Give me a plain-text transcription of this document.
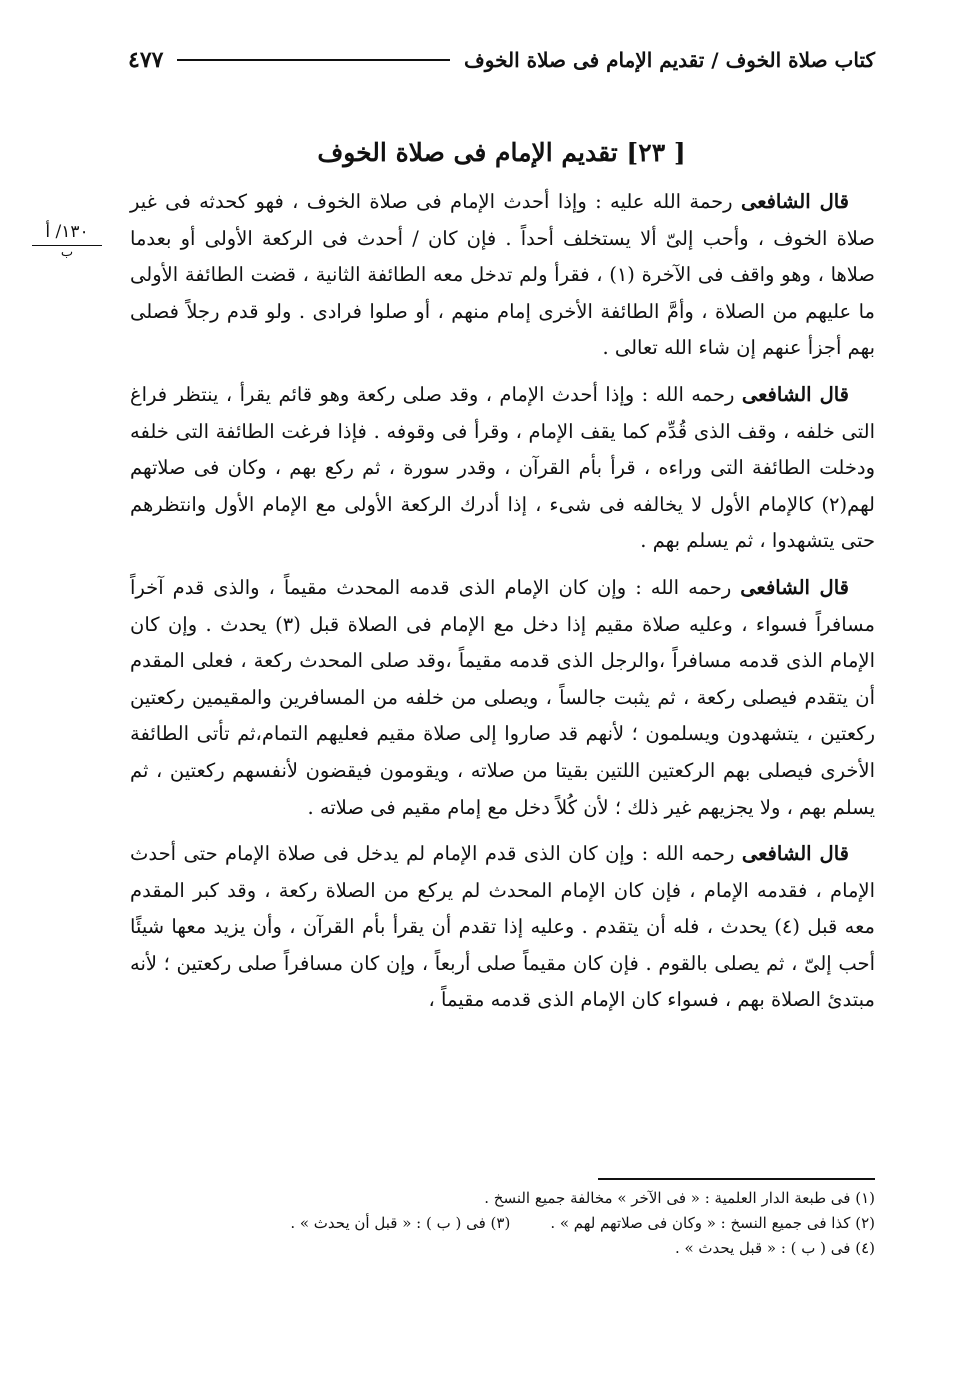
كتاب صلاة الخوف / تقديم الإمام فى صلاة الخوف
٤٧٧
[ ٢٣] تقديم الإمام فى صلاة الخوف
١٣٠/ أ
ب

قال الشافعى رحمة الله عليه : وإذا أحدث الإمام فى صلاة الخوف ، فهو كحدثه فى غير صلاة الخوف ، وأحب إلىّ ألا يستخلف أحداً . فإن كان / أحدث فى الركعة الأولى أو بعدما صلاها ، وهو واقف فى الآخرة (١) ، فقرأ ولم تدخل معه الطائفة الثانية ، قضت الطائفة الأولى ما عليهم من الصلاة ، وأمَّ الطائفة الأخرى إمام منهم ، أو صلوا فرادى . ولو قدم رجلاً فصلى بهم أجزأ عنهم إن شاء الله تعالى .

قال الشافعى رحمه الله : وإذا أحدث الإمام ، وقد صلى ركعة وهو قائم يقرأ ، ينتظر فراغ التى خلفه ، وقف الذى قُدِّم كما يقف الإمام ، وقرأ فى وقوفه . فإذا فرغت الطائفة التى خلفه ودخلت الطائفة التى وراءه ، قرأ بأم القرآن ، وقدر سورة ، ثم ركع بهم ، وكان فى صلاتهم لهم(٢) كالإمام الأول لا يخالفه فى شىء ، إذا أدرك الركعة الأولى مع الإمام الأول وانتظرهم حتى يتشهدوا ، ثم يسلم بهم .

قال الشافعى رحمه الله : وإن كان الإمام الذى قدمه المحدث مقيماً ، والذى قدم آخراً مسافراً فسواء ، وعليه صلاة مقيم إذا دخل مع الإمام فى الصلاة قبل (٣) يحدث . وإن كان الإمام الذى قدمه مسافراً ،والرجل الذى قدمه مقيماً ،وقد صلى المحدث ركعة ، فعلى المقدم أن يتقدم فيصلى ركعة ، ثم يثبت جالساً ، ويصلى من خلفه من المسافرين والمقيمين ركعتين ركعتين ، يتشهدون ويسلمون ؛ لأنهم قد صاروا إلى صلاة مقيم فعليهم التمام،ثم تأتى الطائفة الأخرى فيصلى بهم الركعتين اللتين بقيتا من صلاته ، ويقومون فيقضون لأنفسهم ركعتين ، ثم يسلم بهم ، ولا يجزيهم غير ذلك ؛ لأن كُلاً دخل مع إمام مقيم فى صلاته .

قال الشافعى رحمه الله : وإن كان الذى قدم الإمام لم يدخل فى صلاة الإمام حتى أحدث الإمام ، فقدمه الإمام ، فإن كان الإمام المحدث لم يركع من الصلاة ركعة ، وقد كبر المقدم معه قبل (٤) يحدث ، فله أن يتقدم . وعليه إذا تقدم أن يقرأ بأم القرآن ، وأن يزيد معها شيئًا أحب إلىّ ، ثم يصلى بالقوم . فإن كان مقيماً صلى أربعاً ، وإن كان مسافراً صلى ركعتين ؛ لأنه مبتدئ الصلاة بهم ، فسواء كان الإمام الذى قدمه مقيماً ،

(١) فى طبعة الدار العلمية : « فى الآخر » مخالفة جميع النسخ .
(٢) كذا فى جميع النسخ : « وكان فى صلاتهم لهم » .
(٣) فى ( ب ) : « قبل أن يحدث » .
(٤) فى ( ب ) : « قبل يحدث » .
